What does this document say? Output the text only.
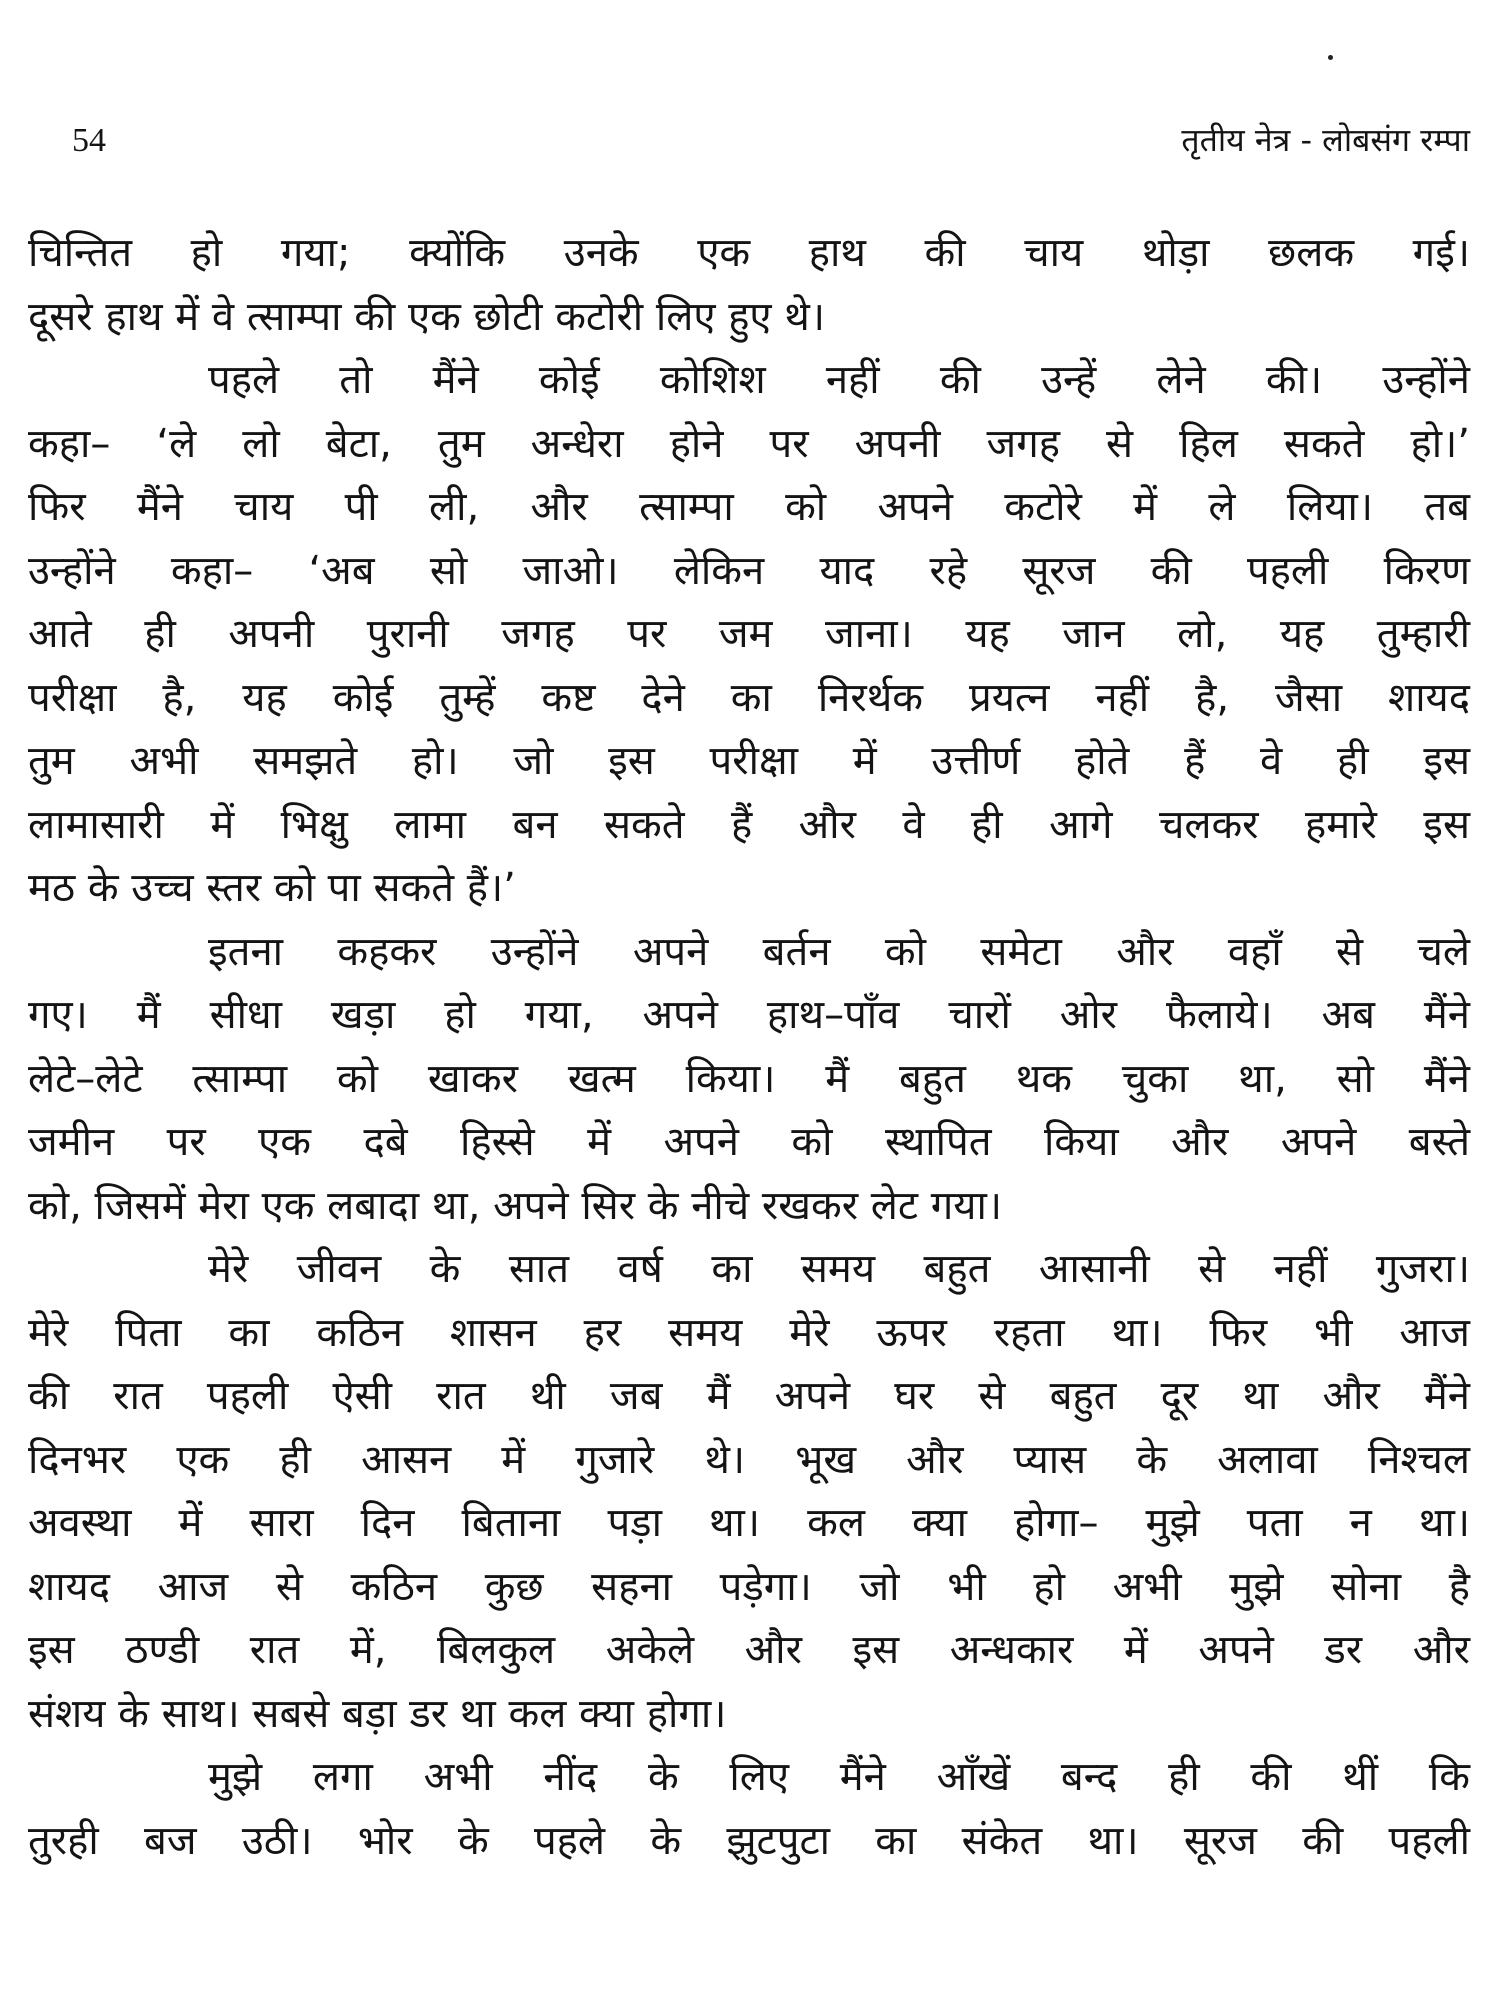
54	तृतीय नेत्र - लोबसंग रम्पा
चिन्तित हो गया; क्योंकि उनके एक हाथ की चाय थोड़ा छलक गई।
दूसरे हाथ में वे त्साम्पा की एक छोटी कटोरी लिए हुए थे।
पहले तो मैंने कोई कोशिश नहीं की उन्हें लेने की। उन्होंने
कहा– ‘ले लो बेटा, तुम अन्धेरा होने पर अपनी जगह से हिल सकते हो।’
फिर मैंने चाय पी ली, और त्साम्पा को अपने कटोरे में ले लिया। तब
उन्होंने कहा– ‘अब सो जाओ। लेकिन याद रहे सूरज की पहली किरण
आते ही अपनी पुरानी जगह पर जम जाना। यह जान लो, यह तुम्हारी
परीक्षा है, यह कोई तुम्हें कष्ट देने का निरर्थक प्रयत्न नहीं है, जैसा शायद
तुम अभी समझते हो। जो इस परीक्षा में उत्तीर्ण होते हैं वे ही इस
लामासारी में भिक्षु लामा बन सकते हैं और वे ही आगे चलकर हमारे इस
मठ के उच्च स्तर को पा सकते हैं।’
इतना कहकर उन्होंने अपने बर्तन को समेटा और वहाँ से चले
गए। मैं सीधा खड़ा हो गया, अपने हाथ–पाँव चारों ओर फैलाये। अब मैंने
लेटे–लेटे त्साम्पा को खाकर खत्म किया। मैं बहुत थक चुका था, सो मैंने
जमीन पर एक दबे हिस्से में अपने को स्थापित किया और अपने बस्ते
को, जिसमें मेरा एक लबादा था, अपने सिर के नीचे रखकर लेट गया।
मेरे जीवन के सात वर्ष का समय बहुत आसानी से नहीं गुजरा।
मेरे पिता का कठिन शासन हर समय मेरे ऊपर रहता था। फिर भी आज
की रात पहली ऐसी रात थी जब मैं अपने घर से बहुत दूर था और मैंने
दिनभर एक ही आसन में गुजारे थे। भूख और प्यास के अलावा निश्चल
अवस्था में सारा दिन बिताना पड़ा था। कल क्या होगा– मुझे पता न था।
शायद आज से कठिन कुछ सहना पड़ेगा। जो भी हो अभी मुझे सोना है
इस ठण्डी रात में, बिलकुल अकेले और इस अन्धकार में अपने डर और
संशय के साथ। सबसे बड़ा डर था कल क्या होगा।
मुझे लगा अभी नींद के लिए मैंने आँखें बन्द ही की थीं कि
तुरही बज उठी। भोर के पहले के झुटपुटा का संकेत था। सूरज की पहली
